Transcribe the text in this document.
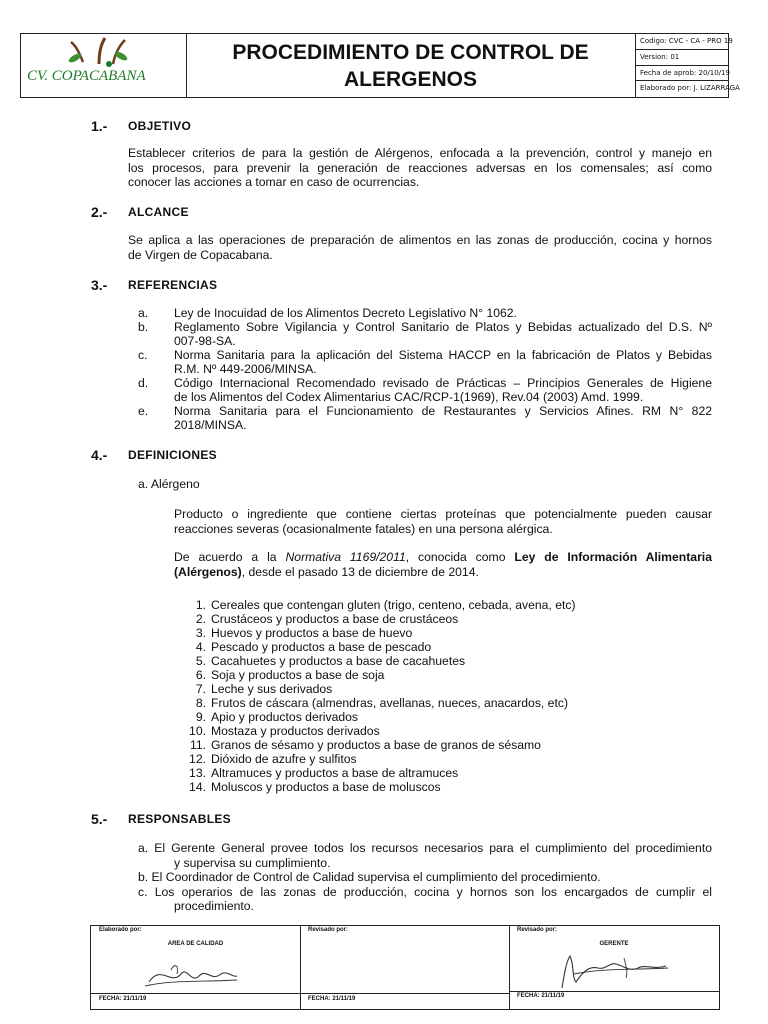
CV. COPACABANA
PROCEDIMIENTO DE CONTROL DE
ALERGENOS
Codigo: CVC - CA - PRO 19
Version: 01
Fecha de aprob: 20/10/19
Elaborado por: J. LIZARRAGA
1.- OBJETIVO
Establecer criterios de para la gestión de Alérgenos, enfocada a la prevención, control y manejo en
los procesos, para prevenir la generación de reacciones adversas en los comensales; así como
conocer las acciones a tomar en caso de ocurrencias.
2.- ALCANCE
Se aplica a las operaciones de preparación de alimentos en las zonas de producción, cocina y hornos
de Virgen de Copacabana.
3.- REFERENCIAS
a. Ley de Inocuidad de los Alimentos Decreto Legislativo N° 1062.
b. Reglamento Sobre Vigilancia y Control Sanitario de Platos y Bebidas actualizado del D.S. Nº
007-98-SA.
c. Norma Sanitaria para la aplicación del Sistema HACCP en la fabricación de Platos y Bebidas
R.M. Nº 449-2006/MINSA.
d. Código Internacional Recomendado revisado de Prácticas – Principios Generales de Higiene
de los Alimentos del Codex Alimentarius CAC/RCP-1(1969), Rev.04 (2003) Amd. 1999.
e. Norma Sanitaria para el Funcionamiento de Restaurantes y Servicios Afines. RM N° 822
2018/MINSA.
4.- DEFINICIONES
a. Alérgeno
Producto o ingrediente que contiene ciertas proteínas que potencialmente pueden causar
reacciones severas (ocasionalmente fatales) en una persona alérgica.
De acuerdo a la Normativa 1169/2011, conocida como Ley de Información Alimentaria
(Alérgenos), desde el pasado 13 de diciembre de 2014.
1. Cereales que contengan gluten (trigo, centeno, cebada, avena, etc)
2. Crustáceos y productos a base de crustáceos
3. Huevos y productos a base de huevo
4. Pescado y productos a base de pescado
5. Cacahuetes y productos a base de cacahuetes
6. Soja y productos a base de soja
7. Leche y sus derivados
8. Frutos de cáscara (almendras, avellanas, nueces, anacardos, etc)
9. Apio y productos derivados
10. Mostaza y productos derivados
11. Granos de sésamo y productos a base de granos de sésamo
12. Dióxido de azufre y sulfitos
13. Altramuces y productos a base de altramuces
14. Moluscos y productos a base de moluscos
5.- RESPONSABLES
a. El Gerente General provee todos los recursos necesarios para el cumplimiento del procedimiento
y supervisa su cumplimiento.
b. El Coordinador de Control de Calidad supervisa el cumplimiento del procedimiento.
c. Los operarios de las zonas de producción, cocina y hornos son los encargados de cumplir el
procedimiento.
Elaborado por:
AREA DE CALIDAD
FECHA: 21/11/19
Revisado por:
FECHA: 21/11/19
Revisado por:
GERENTE
FECHA: 21/11/19
